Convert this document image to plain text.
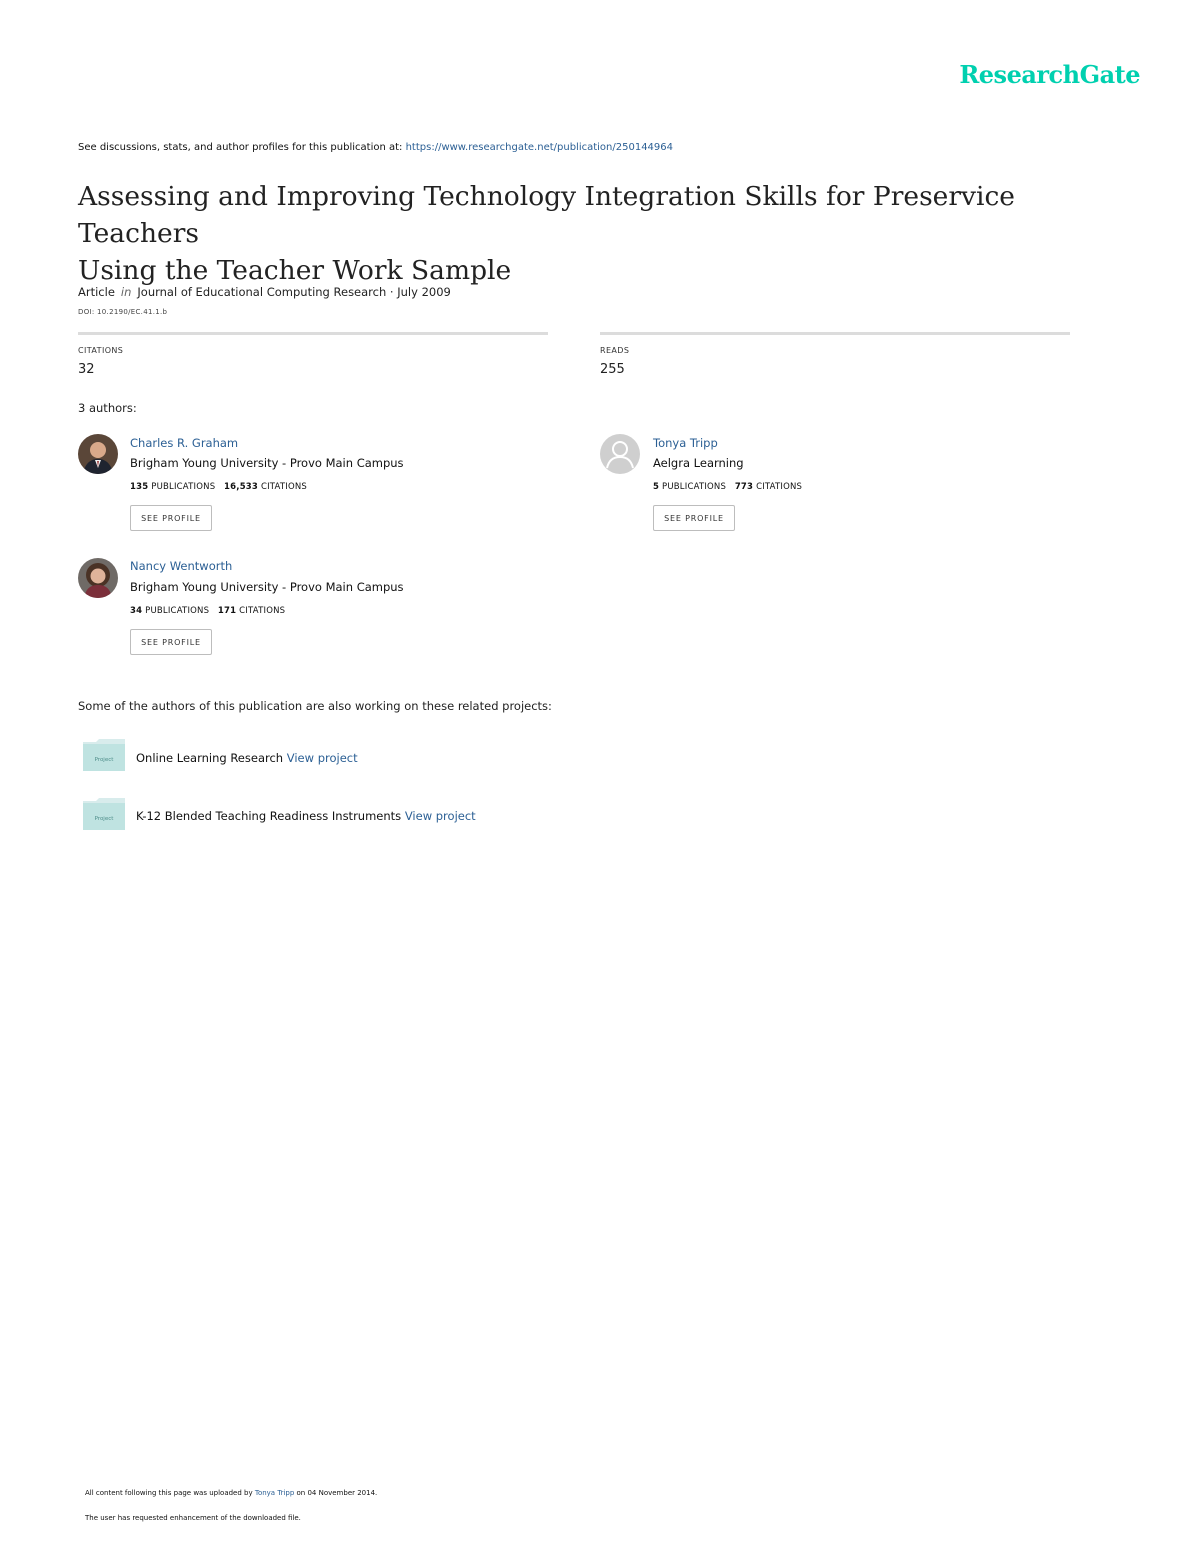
ResearchGate
See discussions, stats, and author profiles for this publication at: https://www.researchgate.net/publication/250144964
Assessing and Improving Technology Integration Skills for Preservice Teachers
Using the Teacher Work Sample
Article in Journal of Educational Computing Research · July 2009
DOI: 10.2190/EC.41.1.b
CITATIONS
32
READS
255
3 authors:
Charles R. Graham
Brigham Young University - Provo Main Campus
135 PUBLICATIONS 16,533 CITATIONS
SEE PROFILE
Tonya Tripp
Aelgra Learning
5 PUBLICATIONS 773 CITATIONS
SEE PROFILE
Nancy Wentworth
Brigham Young University - Provo Main Campus
34 PUBLICATIONS 171 CITATIONS
SEE PROFILE
Some of the authors of this publication are also working on these related projects:
Project Online Learning Research View project
Project K-12 Blended Teaching Readiness Instruments View project
All content following this page was uploaded by Tonya Tripp on 04 November 2014.
The user has requested enhancement of the downloaded file.
